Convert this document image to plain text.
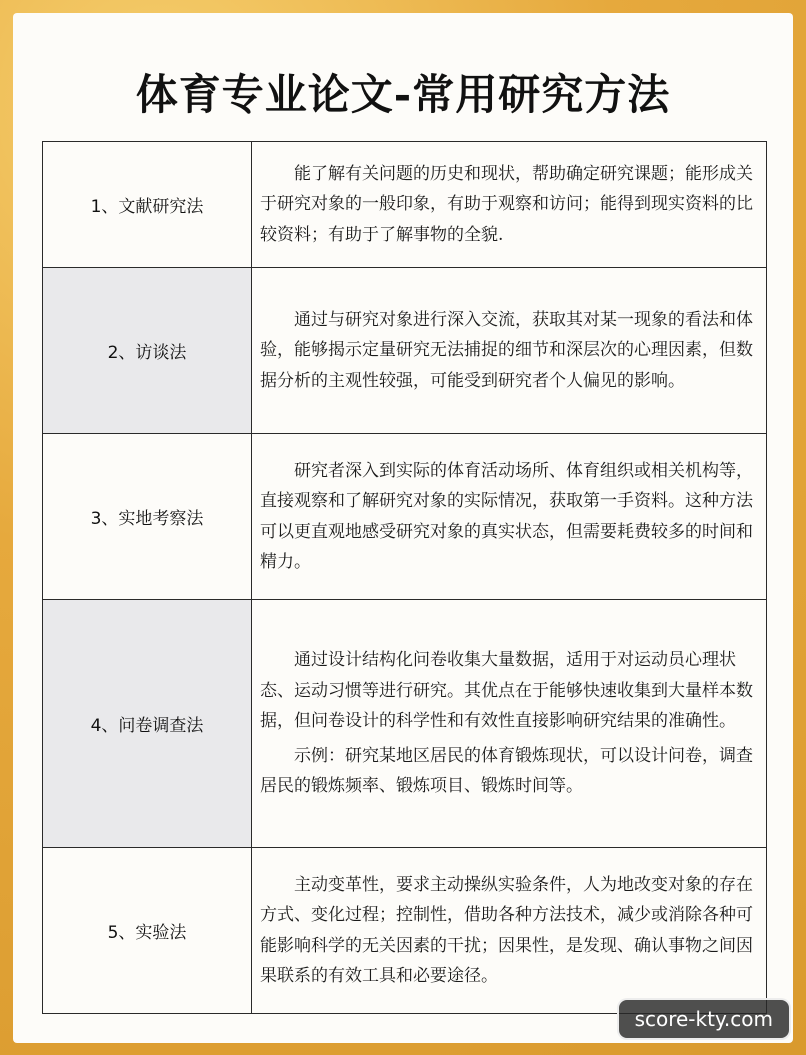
体育专业论文-常用研究方法
1、文献研究法	能了解有关问题的历史和现状，帮助确定研究课题；能形成关于研究对象的一般印象，有助于观察和访问；能得到现实资料的比较资料；有助于了解事物的全貌.

2、访谈法	通过与研究对象进行深入交流，获取其对某一现象的看法和体验，能够揭示定量研究无法捕捉的细节和深层次的心理因素，但数据分析的主观性较强，可能受到研究者个人偏见的影响。

3、实地考察法	研究者深入到实际的体育活动场所、体育组织或相关机构等，直接观察和了解研究对象的实际情况，获取第一手资料。这种方法可以更直观地感受研究对象的真实状态，但需要耗费较多的时间和精力。

4、问卷调查法	通过设计结构化问卷收集大量数据，适用于对运动员心理状态、运动习惯等进行研究。其优点在于能够快速收集到大量样本数据，但问卷设计的科学性和有效性直接影响研究结果的准确性。

示例：研究某地区居民的体育锻炼现状，可以设计问卷，调查居民的锻炼频率、锻炼项目、锻炼时间等。

5、实验法	主动变革性，要求主动操纵实验条件，人为地改变对象的存在方式、变化过程；控制性，借助各种方法技术，减少或消除各种可能影响科学的无关因素的干扰；因果性，是发现、确认事物之间因果联系的有效工具和必要途径。

score-kty.com
